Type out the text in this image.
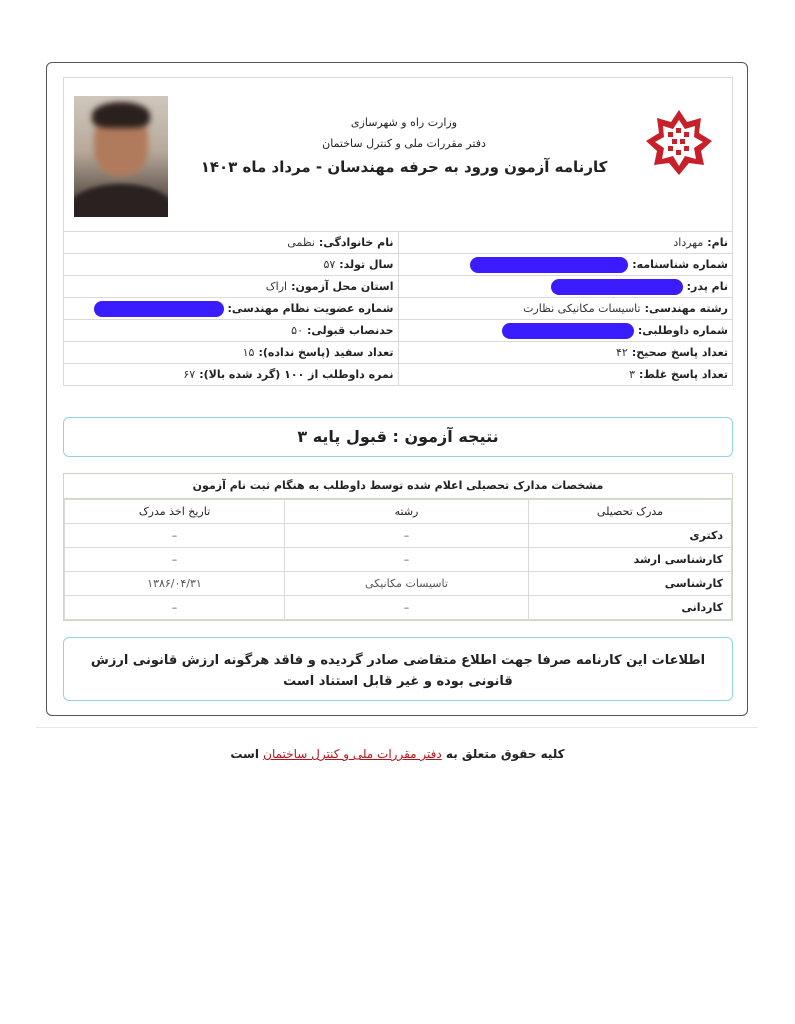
وزارت راه و شهرسازی
دفتر مقررات ملی و کنترل ساختمان
کارنامه آزمون ورود به حرفه مهندسان - مرداد ماه ۱۴۰۳
نام:مهرداد	نام خانوادگی:نظمی
شماره شناسنامه:	سال تولد:۵۷
نام پدر:	استان محل آزمون:اراک
رشته مهندسی:تاسیسات مکانیکی نظارت	شماره عضویت نظام مهندسی:
شماره داوطلبی:	حدنصاب قبولی:۵۰
تعداد پاسخ صحیح:۴۲	تعداد سفید (پاسخ نداده):۱۵
تعداد پاسخ غلط:۳	نمره داوطلب از ۱۰۰ (گرد شده بالا):۶۷
نتیجه آزمون : قبول پایه ۳
مشخصات مدارک تحصیلی اعلام شده توسط داوطلب به هنگام ثبت نام آزمون
مدرک تحصیلی	رشته	تاریخ اخذ مدرک
دکتری	–	–
کارشناسی ارشد	–	–
کارشناسی	تاسیسات مکانیکی	۱۳۸۶/۰۴/۳۱
کاردانی	–	–
اطلاعات این کارنامه صرفا جهت اطلاع متقاضی صادر گردیده و فاقد هرگونه ارزش قانونی ارزش قانونی بوده و غیر قابل استناد است
کلیه حقوق متعلق به دفتر مقررات ملی و کنترل ساختمان است
